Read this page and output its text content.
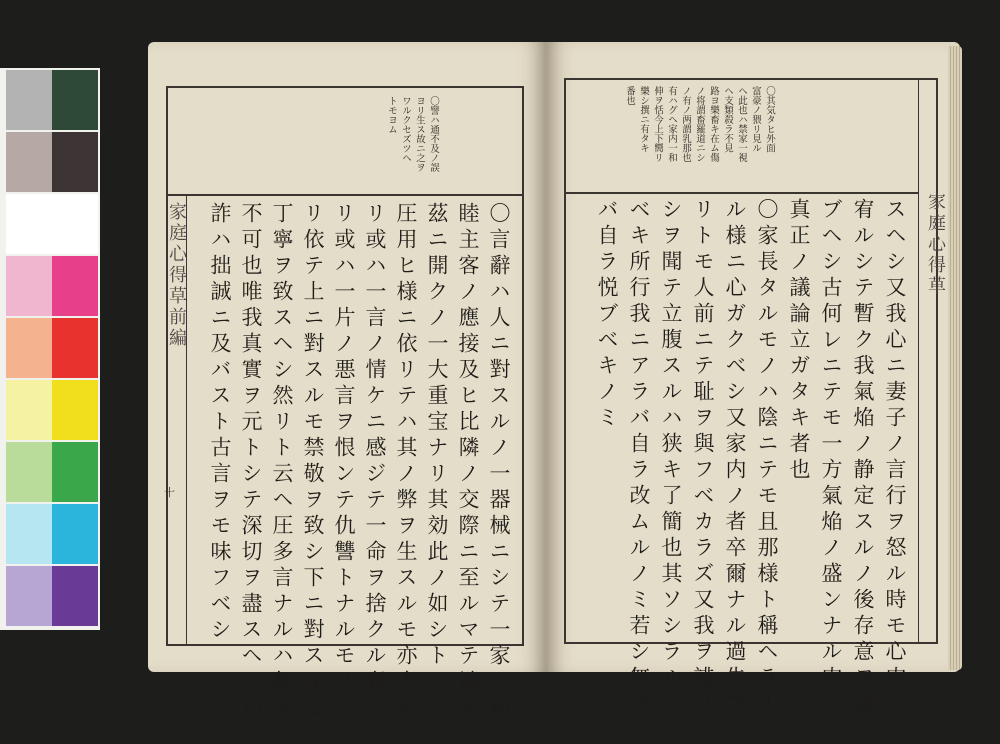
〇譬ハ通不及ノ誤
ヨリ生ス故ニ之ヲ
ワルクセズツヘ
トモヨム
〇言辭ハ人ニ對スルノ一器械ニシテ一家ノ和
睦主客ノ應接及ヒ比隣ノ交際ニ至ルマテ端ヲ
茲ニ開クノ一大重宝ナリ其効此ノ如シトイヘ
圧用ヒ様ニ依リテハ其ノ弊ヲ生スルモ亦大ナ
リ或ハ一言ノ情ケニ感ジテ一命ヲ捨クル者ア
リ或ハ一片ノ悪言ヲ恨ンテ仇讐トナルモノア
リ依テ上ニ對スルモ禁敬ヲ致シ下ニ對スルモ
丁寧ヲ致スヘシ然リト云ヘ圧多言ナルハ却テ
不可也唯我真實ヲ元トシテ深切ヲ盡スヘシ巧
詐ハ拙誠ニ及バスト古言ヲモ味フベシ
家庭心得草前編
十
家庭心得草
〇其気タヒ外面
富豪ノ猥リ見ル
ヘ此也ハ禁家一視
ヘ支類殺ラ不見
路ヨ樂畜キ在ム傷
ノ将謂畜羅道ニシ
ノ有ノ两謂乳那也
有ハグヘ家内一和
伸ヲ恬今上下嚮リ
樂シ撰ニ有タキ
番也
スヘシ又我心ニ妻子ノ言行ヲ怒ル時モ心内ニ
宥ルシテ暫ク我氣焔ノ静定スルノ後存意ヲ述
ブヘシ古何レニテモ一方氣焔ノ盛ンナル内ハ
真正ノ議論立ガタキ者也
〇家長タルモノハ陰ニテモ且那様ト稱ヘラル
ル様ニ心ガクベシ又家内ノ者卒爾ナル過失ア
リトモ人前ニテ耻ヲ與フベカラズ又我ヲ誹リ
シヲ聞テ立腹スルハ狭キ了簡也其ソシラル
ベキ所行我ニアラバ自ラ改ムルノミ若シ無クン
バ自ラ悦ブベキノミ
